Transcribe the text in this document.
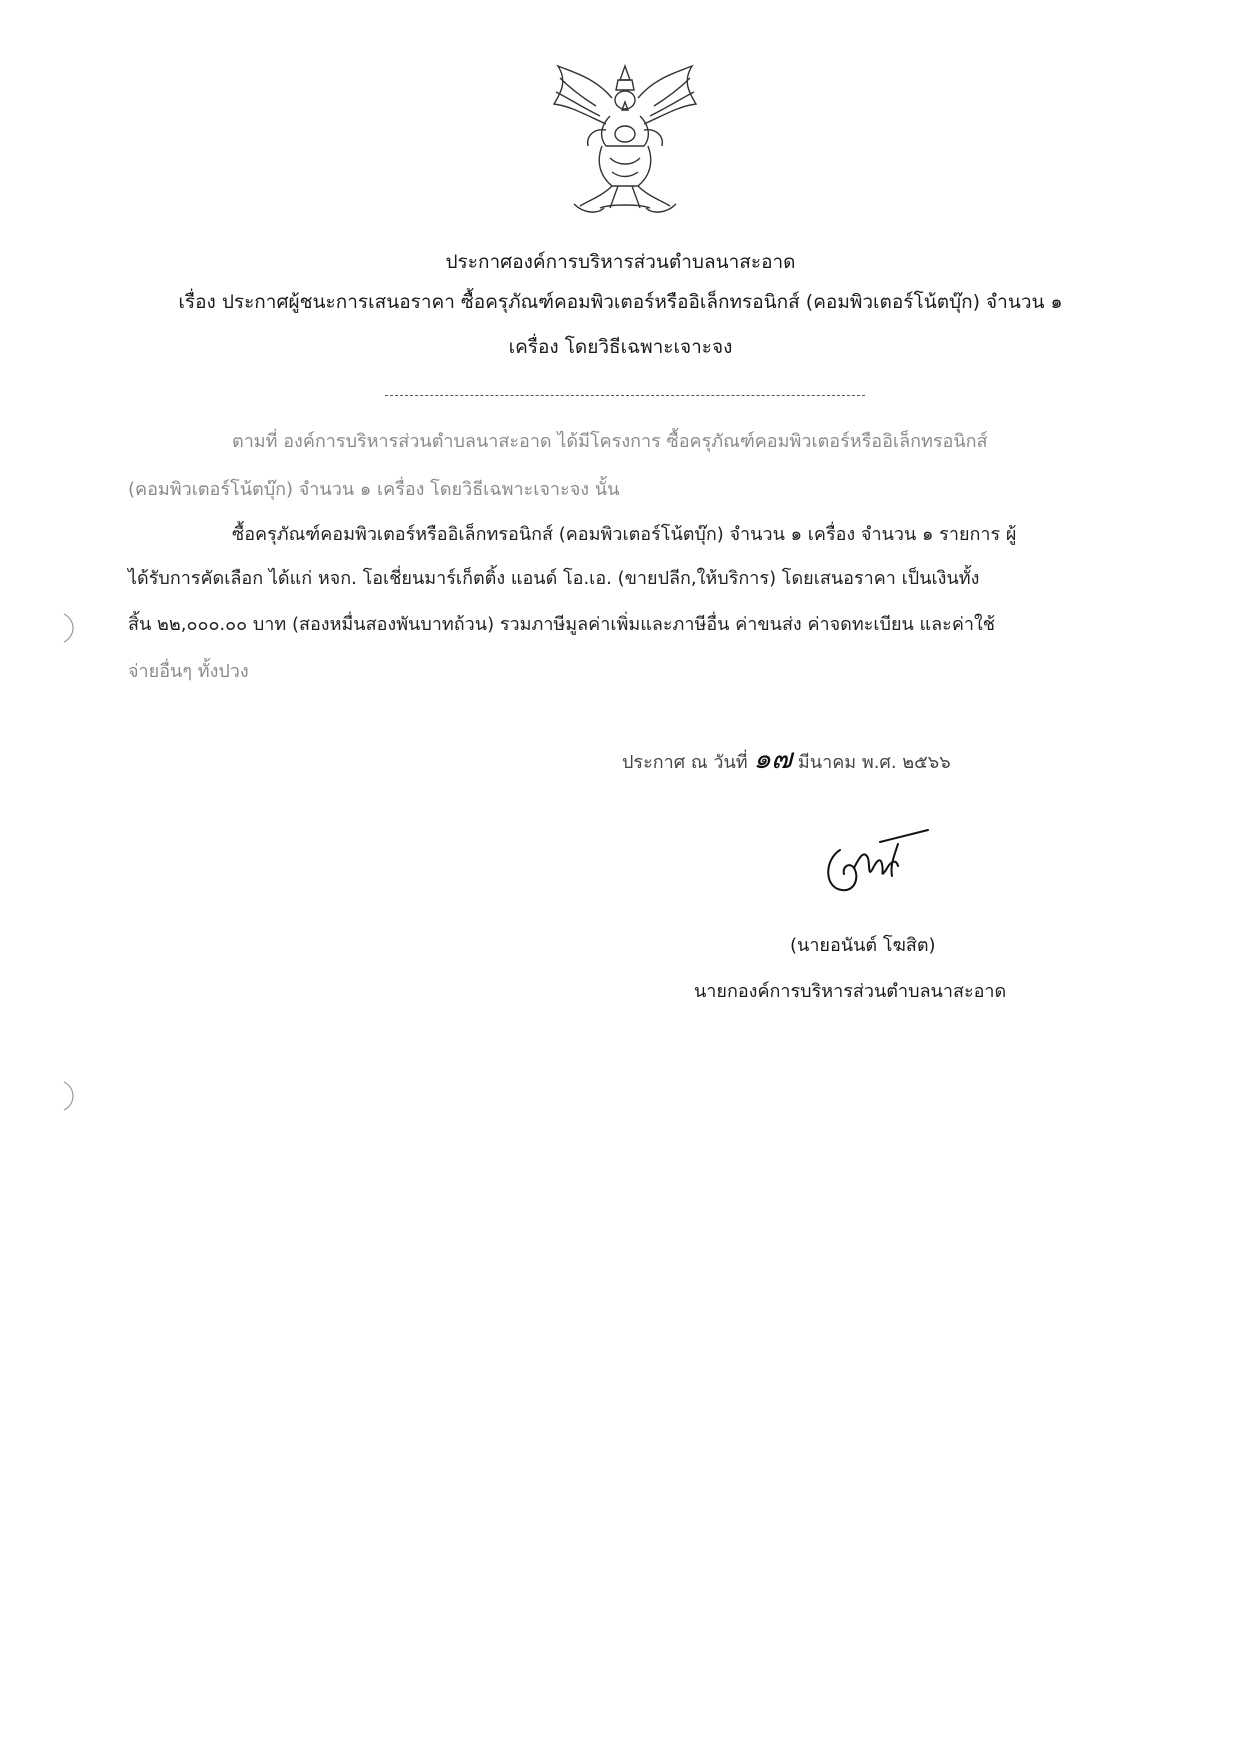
ประกาศองค์การบริหารส่วนตำบลนาสะอาด
เรื่อง ประกาศผู้ชนะการเสนอราคา ซื้อครุภัณฑ์คอมพิวเตอร์หรืออิเล็กทรอนิกส์ (คอมพิวเตอร์โน้ตบุ๊ก) จำนวน ๑
เครื่อง โดยวิธีเฉพาะเจาะจง
ตามที่ องค์การบริหารส่วนตำบลนาสะอาด ได้มีโครงการ ซื้อครุภัณฑ์คอมพิวเตอร์หรืออิเล็กทรอนิกส์
(คอมพิวเตอร์โน้ตบุ๊ก) จำนวน ๑ เครื่อง โดยวิธีเฉพาะเจาะจง นั้น
ซื้อครุภัณฑ์คอมพิวเตอร์หรืออิเล็กทรอนิกส์ (คอมพิวเตอร์โน้ตบุ๊ก) จำนวน ๑ เครื่อง จำนวน ๑ รายการ ผู้
ได้รับการคัดเลือก ได้แก่ หจก. โอเชี่ยนมาร์เก็ตติ้ง แอนด์ โอ.เอ. (ขายปลีก,ให้บริการ) โดยเสนอราคา เป็นเงินทั้ง
สิ้น ๒๒,๐๐๐.๐๐ บาท (สองหมื่นสองพันบาทถ้วน) รวมภาษีมูลค่าเพิ่มและภาษีอื่น ค่าขนส่ง ค่าจดทะเบียน และค่าใช้
จ่ายอื่นๆ ทั้งปวง
ประกาศ ณ วันที่ ๑๗ มีนาคม พ.ศ. ๒๕๖๖
(นายอนันต์ โฆสิต)
นายกองค์การบริหารส่วนตำบลนาสะอาด
